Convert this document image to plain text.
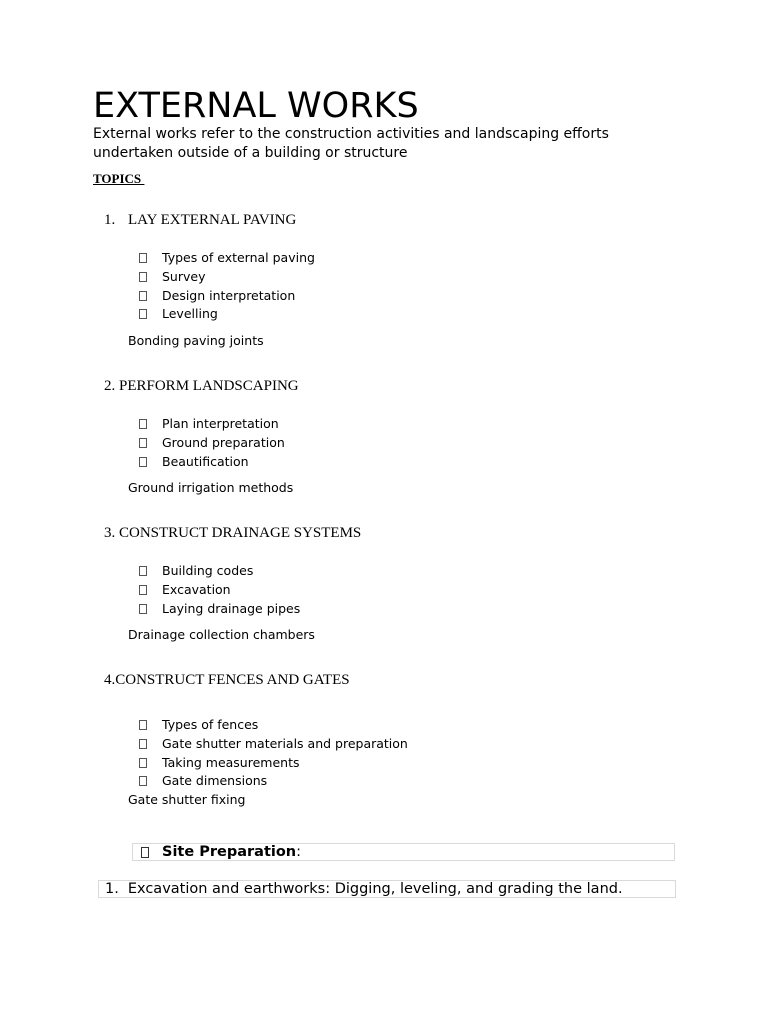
EXTERNAL WORKS

External works refer to the construction activities and landscaping efforts undertaken outside of a building or structure

TOPICS
1. LAY EXTERNAL PAVING
Types of external paving
Survey
Design interpretation
Levelling
Bonding paving joints
2. PERFORM LANDSCAPING
Plan interpretation
Ground preparation
Beautification
Ground irrigation methods
3. CONSTRUCT DRAINAGE SYSTEMS
Building codes
Excavation
Laying drainage pipes
Drainage collection chambers
4.CONSTRUCT FENCES AND GATES
Types of fences
Gate shutter materials and preparation
Taking measurements
Gate dimensions
Gate shutter fixing
Site Preparation :
1. Excavation and earthworks: Digging, leveling, and grading the land.
